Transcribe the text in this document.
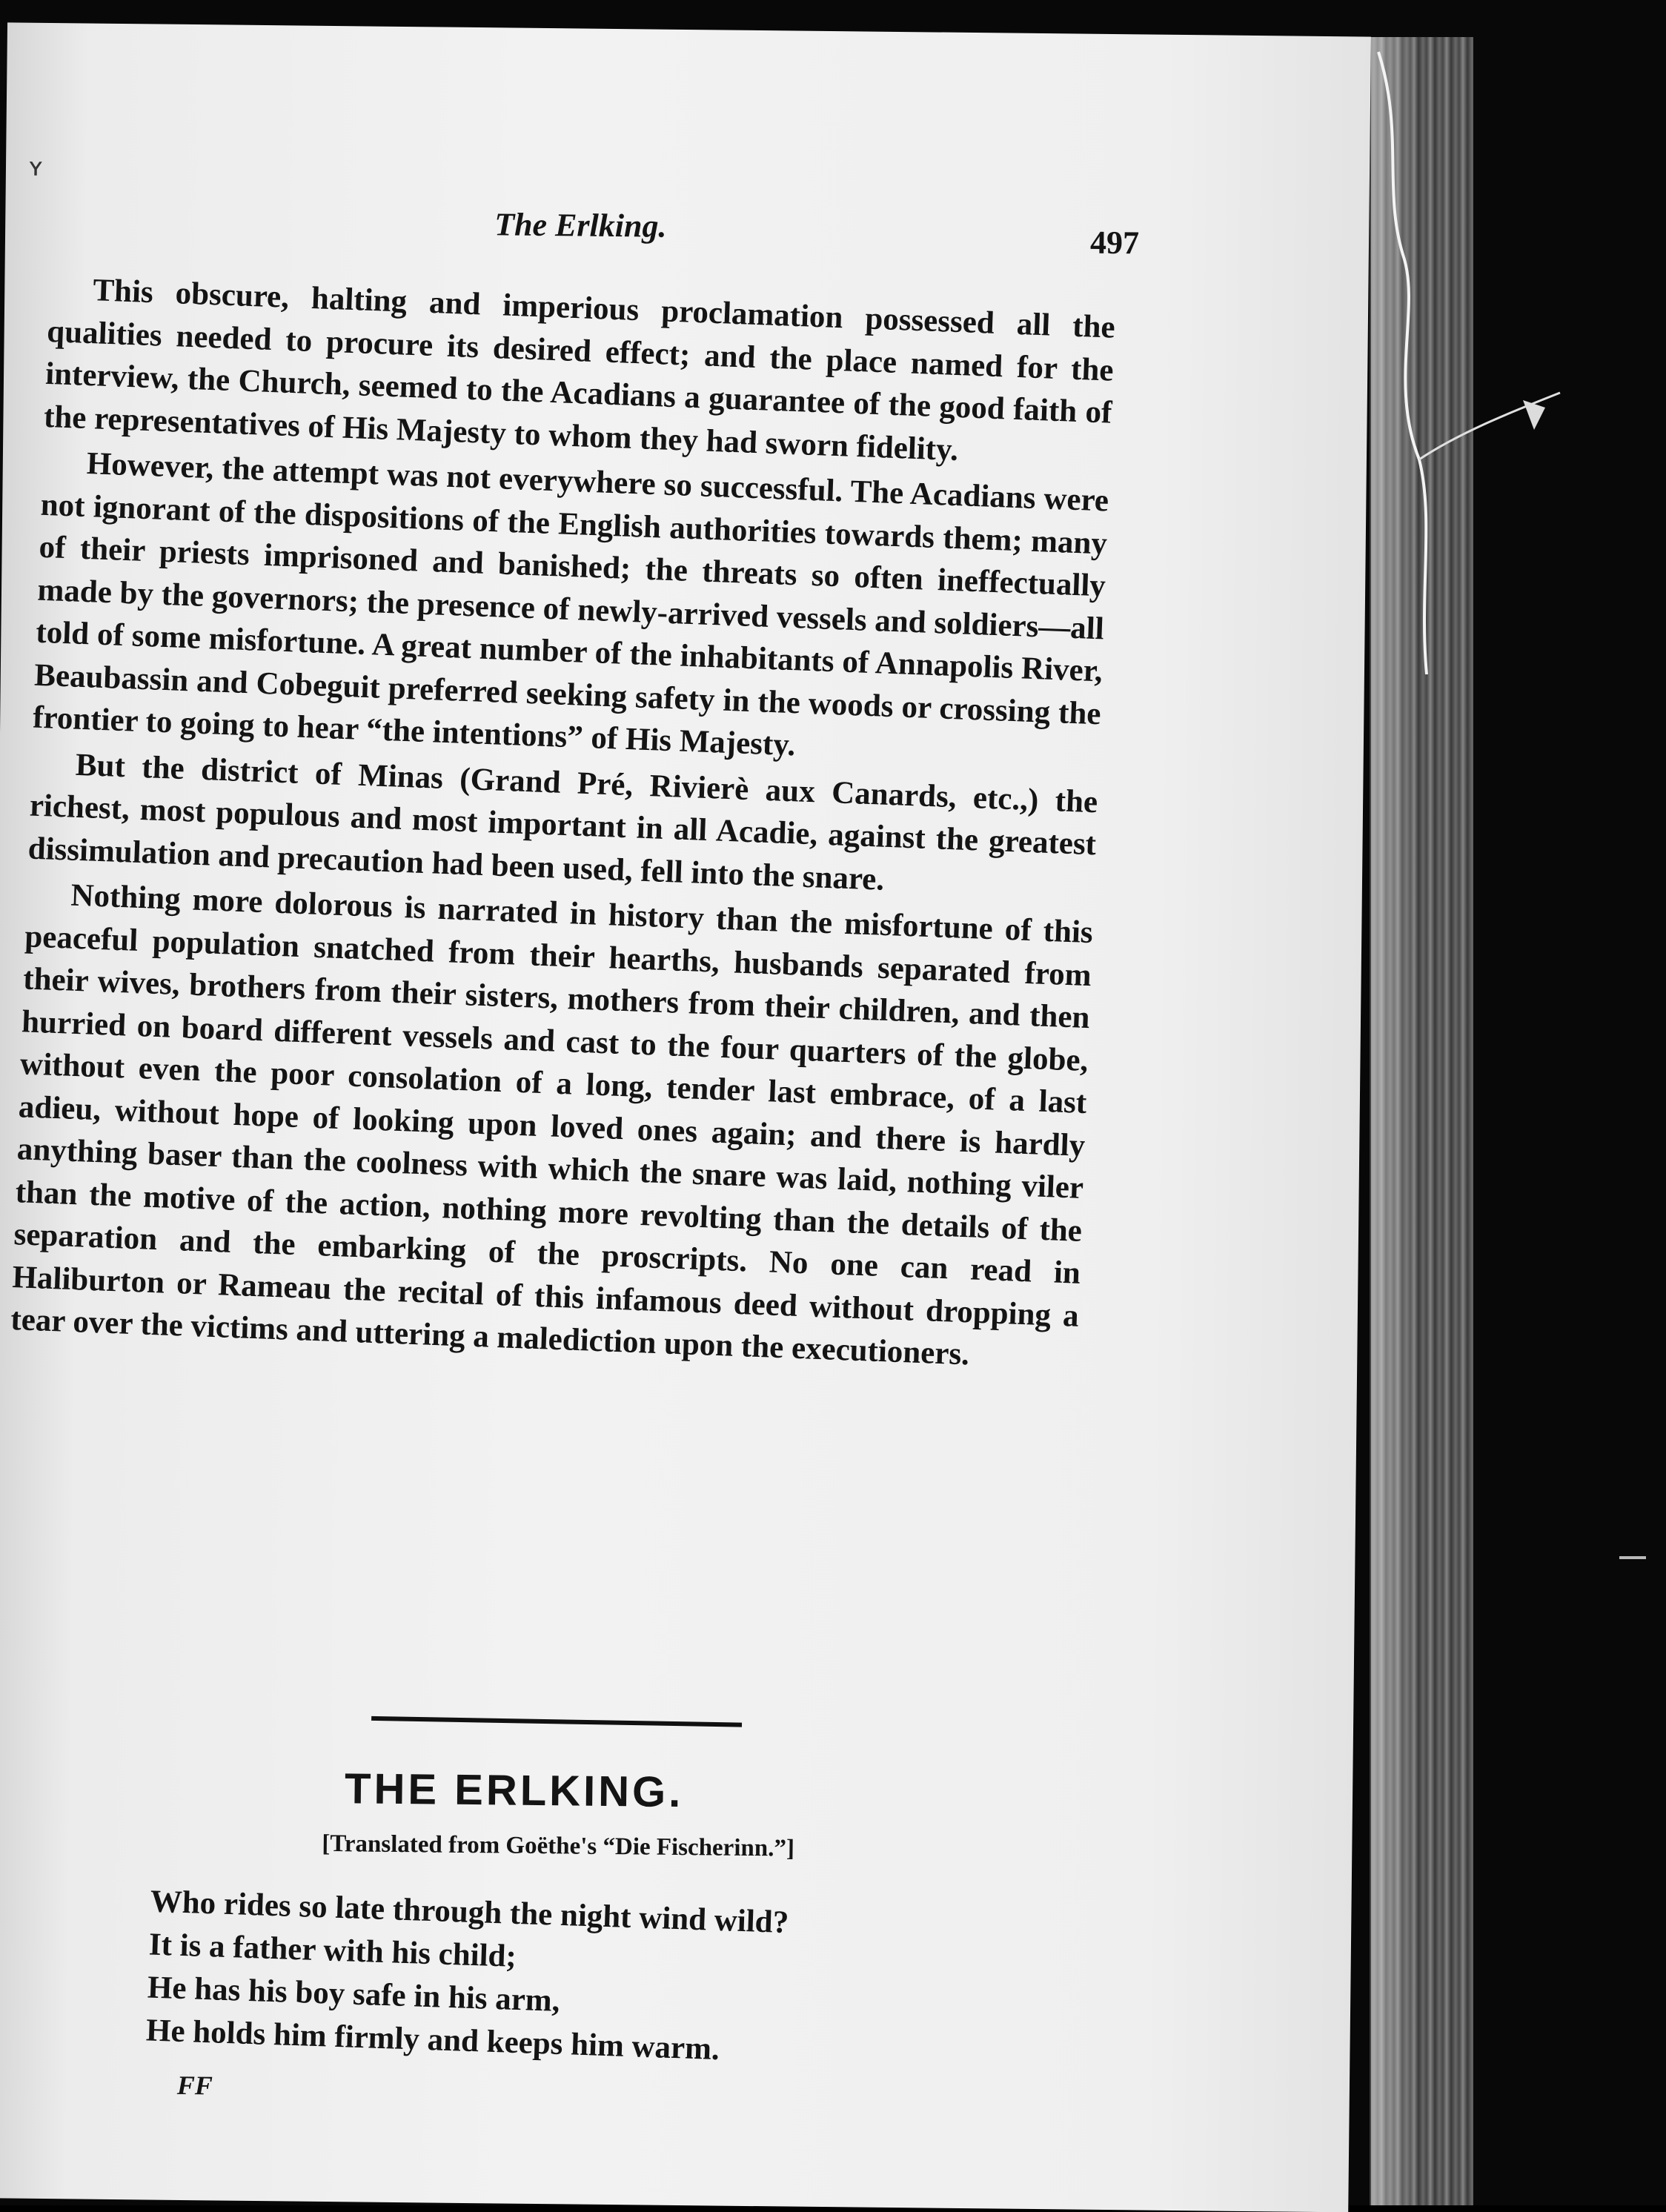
ʏ
The Erlking.	497

This obscure, halting and imperious proclamation possessed all the qualities needed to procure its desired effect; and the place named for the interview, the Church, seemed to the Acadians a guarantee of the good faith of the representatives of His Majesty to whom they had sworn fidelity.

However, the attempt was not everywhere so successful. The Acadians were not ignorant of the dispositions of the English authorities towards them; many of their priests imprisoned and banished; the threats so often ineffectually made by the governors; the presence of newly-arrived vessels and soldiers—all told of some misfortune. A great number of the inhabitants of Annapolis River, Beaubassin and Cobeguit preferred seeking safety in the woods or crossing the frontier to going to hear “the intentions” of His Majesty.

But the district of Minas (Grand Pré, Rivierè aux Canards, etc.,) the richest, most populous and most important in all Acadie, against the greatest dissimulation and precaution had been used, fell into the snare.

Nothing more dolorous is narrated in history than the misfortune of this peaceful population snatched from their hearths, husbands separated from their wives, brothers from their sisters, mothers from their children, and then hurried on board different vessels and cast to the four quarters of the globe, without even the poor consolation of a long, tender last embrace, of a last adieu, without hope of looking upon loved ones again; and there is hardly anything baser than the coolness with which the snare was laid, nothing viler than the motive of the action, nothing more revolting than the details of the separation and the embarking of the proscripts. No one can read in Haliburton or Rameau the recital of this infamous deed without dropping a tear over the victims and uttering a malediction upon the executioners.

THE ERLKING.
[Translated from Goëthe's “Die Fischerinn.”]
Who rides so late through the night wind wild?
It is a father with his child;
He has his boy safe in his arm,
He holds him firmly and keeps him warm.
FF
